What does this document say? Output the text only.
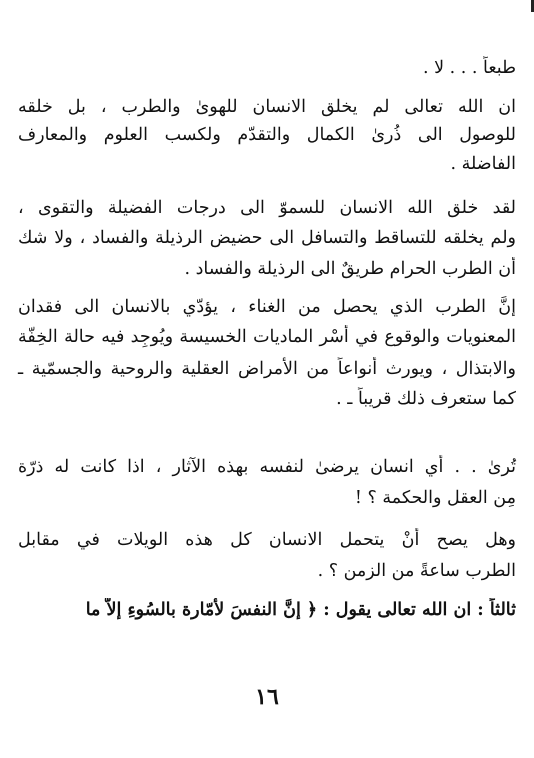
طبعاً . . . لا .
ان الله تعالى لم يخلق الانسان للهوىٰ والطرب ، بل خلقه
للوصول الى ذُرىٰ الكمال والتقدّم ولكسب العلوم والمعارف
الفاضلة .
لقد خلق الله الانسان للسموّ الى درجات الفضيلة والتقوى ،
ولم يخلقه للتساقط والتسافل الى حضيض الرذيلة والفساد ، ولا شك
أن الطرب الحرام طريقٌ الى الرذيلة والفساد .
إنَّ الطرب الذي يحصل من الغناء ، يؤدّي بالانسان الى فقدان
المعنويات والوقوع في أسْر الماديات الخسيسة ويُوجِد فيه حالة الخِفّة
والابتذال ، ويورث أنواعاً من الأمراض العقلية والروحية والجسمّية ـ
كما ستعرف ذلك قريباً ـ .
تُرىٰ . . أي انسان يرضىٰ لنفسه بهذه الآثار ، اذا كانت له ذرّة
مِن العقل والحكمة ؟ !
وهل يصح أنْ يتحمل الانسان كل هذه الويلات في مقابل
الطرب ساعةً من الزمن ؟ .
ثالثاً : ان الله تعالى يقول : ﴿ إنَّ النفسَ لأمّارة بالسُوءِ إلاّ ما
١٦
